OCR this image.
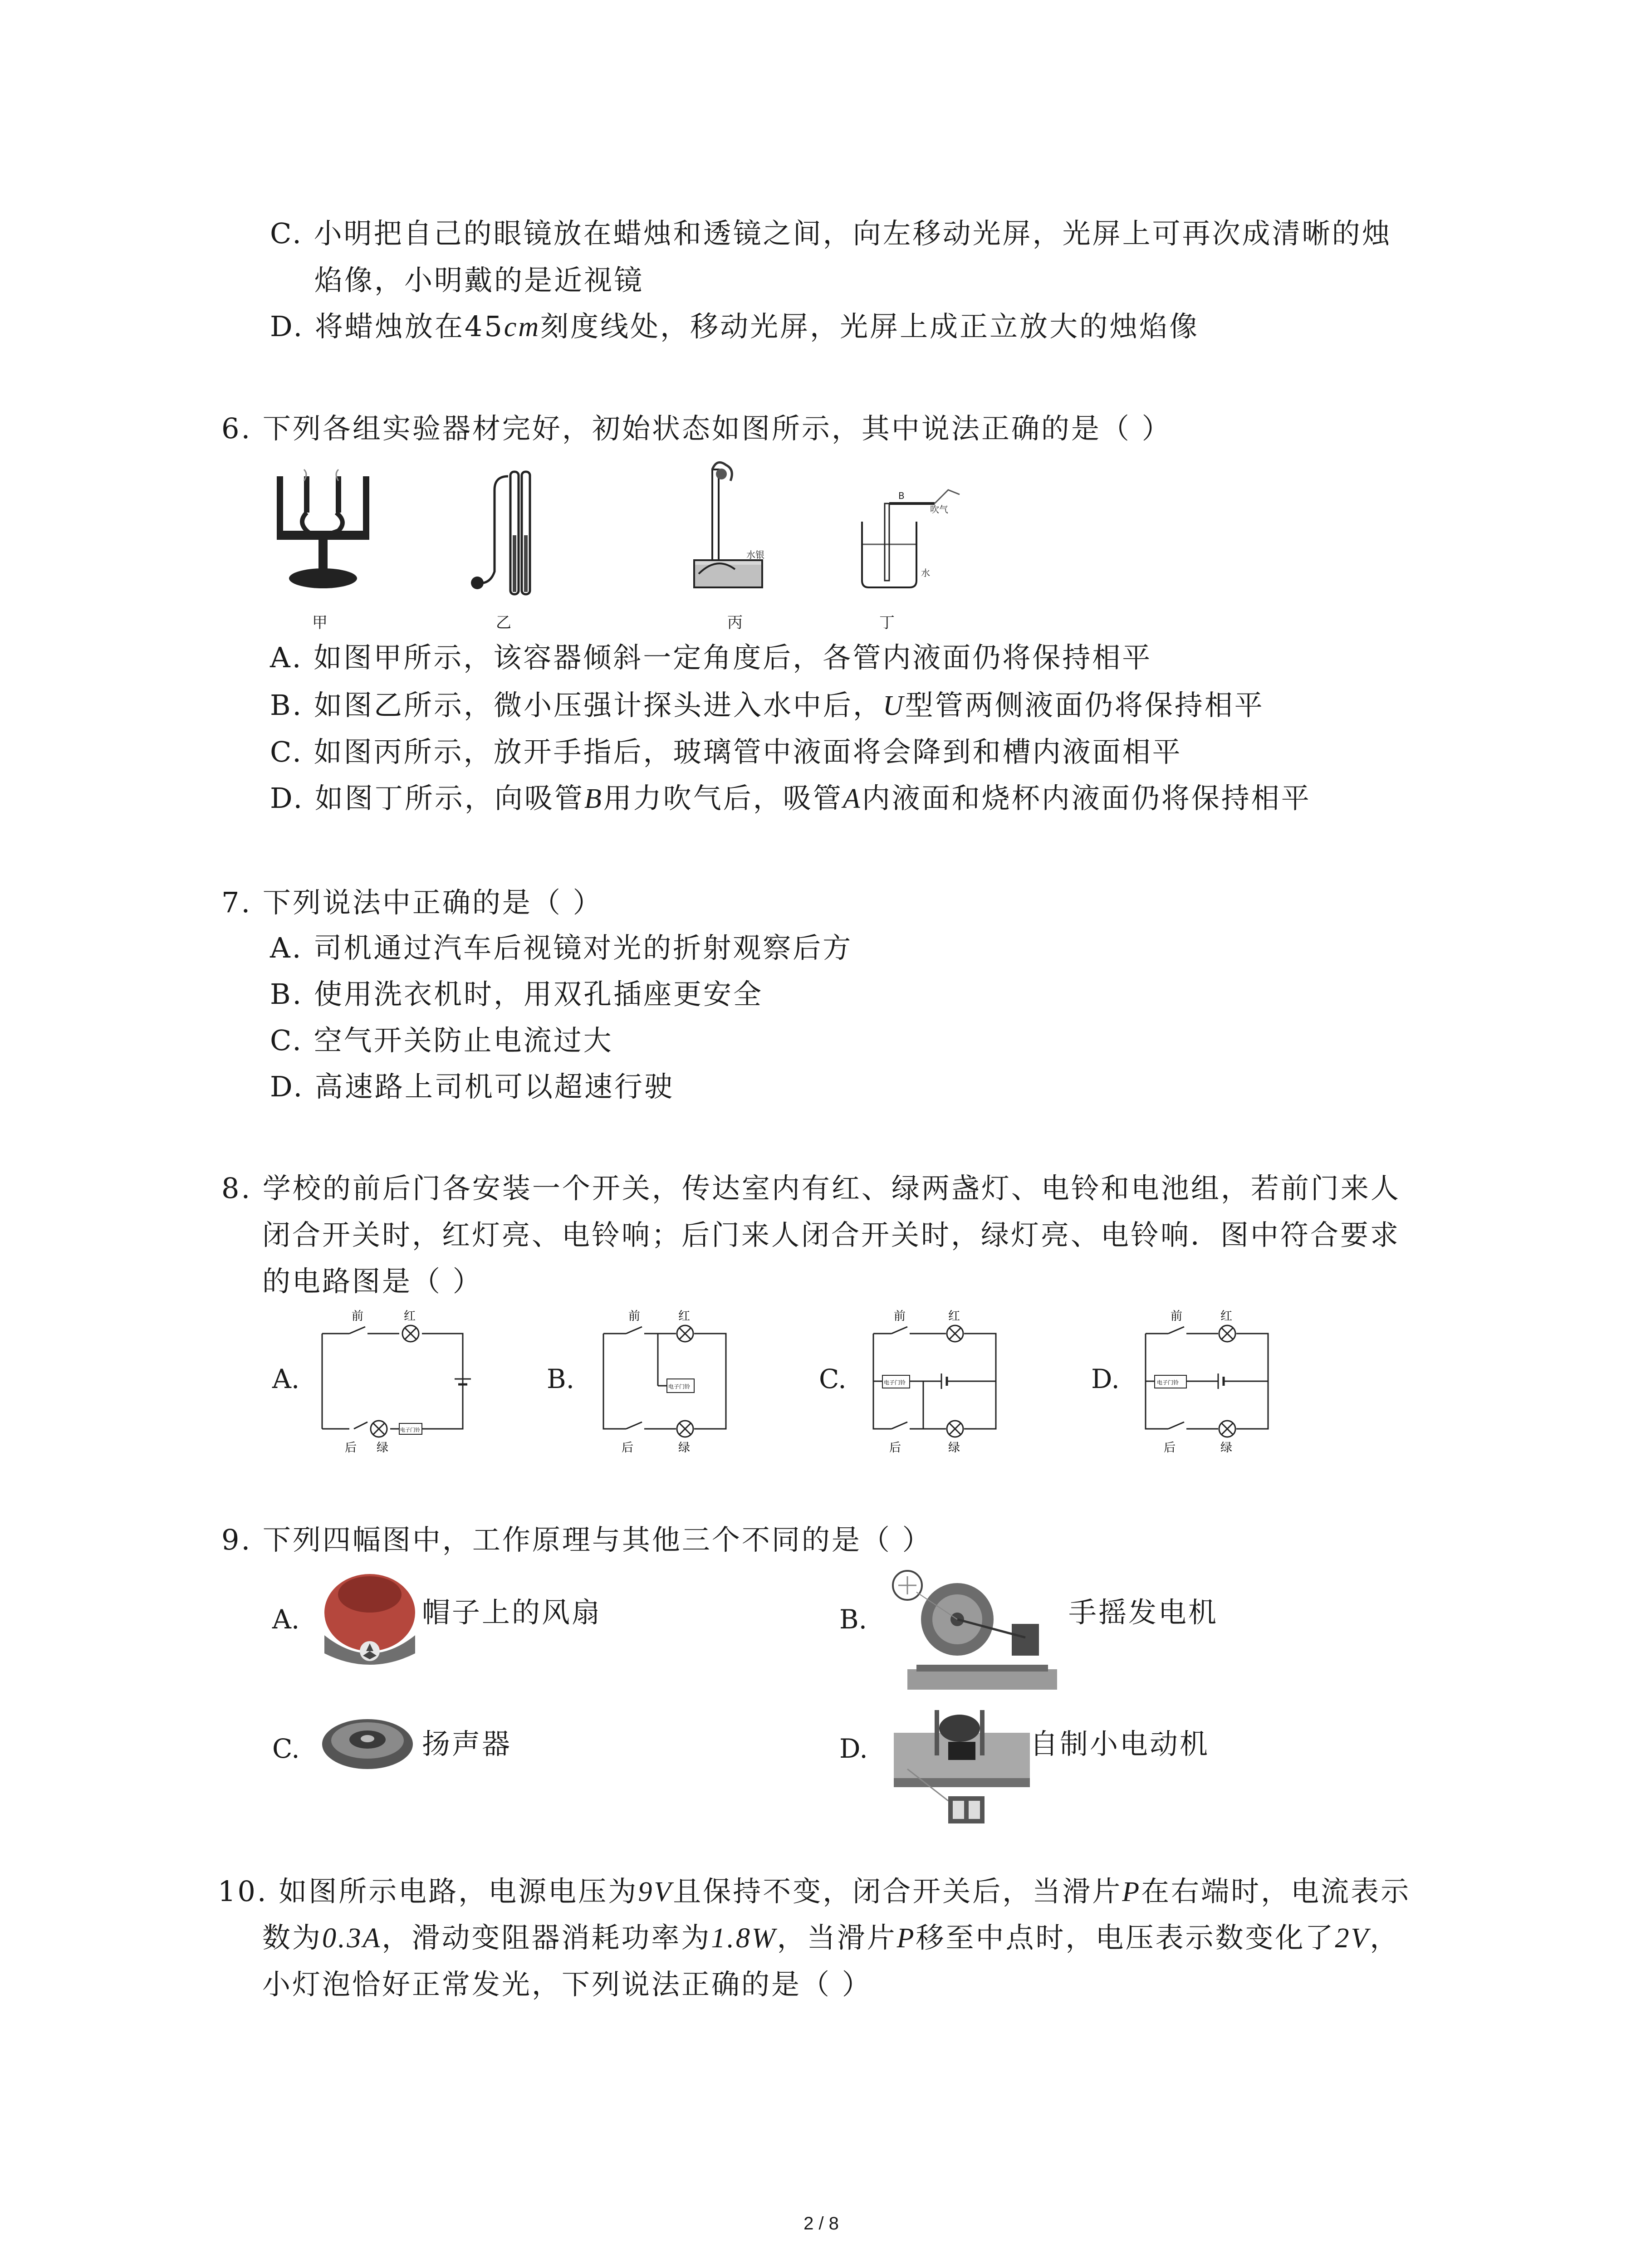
C. 小明把自己的眼镜放在蜡烛和透镜之间，向左移动光屏，光屏上可再次成清晰的烛
焰像，小明戴的是近视镜
D. 将蜡烛放在45cm刻度线处，移动光屏，光屏上成正立放大的烛焰像
6. 下列各组实验器材完好，初始状态如图所示，其中说法正确的是（ ）
甲	乙
水银
丙
B
吹气
水
丁
A. 如图甲所示，该容器倾斜一定角度后，各管内液面仍将保持相平
B. 如图乙所示，微小压强计探头进入水中后，U型管两侧液面仍将保持相平
C. 如图丙所示，放开手指后，玻璃管中液面将会降到和槽内液面相平
D. 如图丁所示，向吸管B用力吹气后，吸管A内液面和烧杯内液面仍将保持相平
7. 下列说法中正确的是（ ）
A. 司机通过汽车后视镜对光的折射观察后方
B. 使用洗衣机时，用双孔插座更安全
C. 空气开关防止电流过大
D. 高速路上司机可以超速行驶
8. 学校的前后门各安装一个开关，传达室内有红、绿两盏灯、电铃和电池组，若前门来人
闭合开关时，红灯亮、电铃响；后门来人闭合开关时，绿灯亮、电铃响．图中符合要求
的电路图是（ ）
A.	B.	C.	D.
前	红
电子门铃
后 绿
前	红
电子门铃
后	绿
前	红
电子门铃
后	绿
前	红
电子门铃
后	绿
9. 下列四幅图中，工作原理与其他三个不同的是（ ）
A.	帽子上的风扇	B.	手摇发电机
C.	扬声器	D.	自制小电动机
10. 如图所示电路，电源电压为9V且保持不变，闭合开关后，当滑片P在右端时，电流表示
数为0.3A，滑动变阻器消耗功率为1.8W，当滑片P移至中点时，电压表示数变化了2V，
小灯泡恰好正常发光，下列说法正确的是（ ）
2 / 8
